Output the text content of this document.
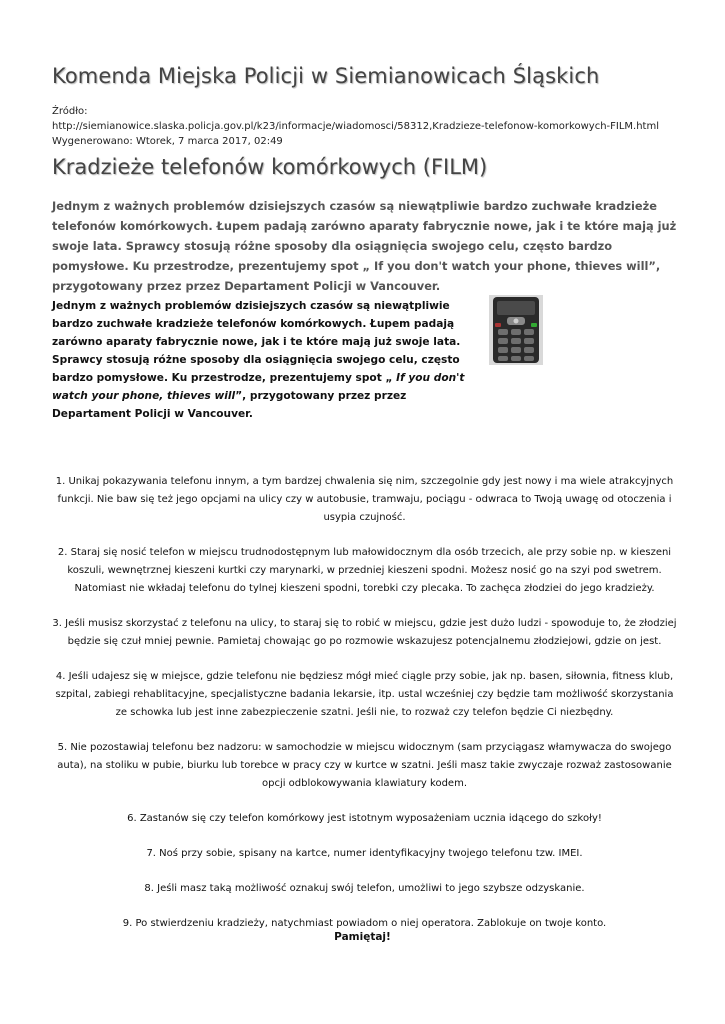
Komenda Miejska Policji w Siemianowicach Śląskich
Źródło:
http://siemianowice.slaska.policja.gov.pl/k23/informacje/wiadomosci/58312,Kradzieze-telefonow-komorkowych-FILM.html
Wygenerowano: Wtorek, 7 marca 2017, 02:49
Kradzieże telefonów komórkowych (FILM)

Jednym z ważnych problemów dzisiejszych czasów są niewątpliwie bardzo zuchwałe kradzieże telefonów komórkowych. Łupem padają zarówno aparaty fabrycznie nowe, jak i te które mają już swoje lata. Sprawcy stosują różne sposoby dla osiągnięcia swojego celu, często bardzo pomysłowe. Ku przestrodze, prezentujemy spot „ If you don't watch your phone, thieves will”, przygotowany przez przez Departament Policji w Vancouver.

Jednym z ważnych problemów dzisiejszych czasów są niewątpliwie bardzo zuchwałe kradzieże telefonów komórkowych. Łupem padają zarówno aparaty fabrycznie nowe, jak i te które mają już swoje lata. Sprawcy stosują różne sposoby dla osiągnięcia swojego celu, często bardzo pomysłowe. Ku przestrodze, prezentujemy spot „ If you don't watch your phone, thieves will”, przygotowany przez przez Departament Policji w Vancouver.

1. Unikaj pokazywania telefonu innym, a tym bardzej chwalenia się nim, szczegolnie gdy jest nowy i ma wiele atrakcyjnych funkcji. Nie baw się też jego opcjami na ulicy czy w autobusie, tramwaju, pociągu - odwraca to Twoją uwagę od otoczenia i usypia czujność.

2. Staraj się nosić telefon w miejscu trudnodostępnym lub małowidocznym dla osób trzecich, ale przy sobie np. w kieszeni koszuli, wewnętrznej kieszeni kurtki czy marynarki, w przedniej kieszeni spodni. Możesz nosić go na szyi pod swetrem. Natomiast nie wkładaj telefonu do tylnej kieszeni spodni, torebki czy plecaka. To zachęca złodziei do jego kradzieży.

3. Jeśli musisz skorzystać z telefonu na ulicy, to staraj się to robić w miejscu, gdzie jest dużo ludzi - spowoduje to, że złodziej będzie się czuł mniej pewnie. Pamietaj chowając go po rozmowie wskazujesz potencjalnemu złodziejowi, gdzie on jest.

4. Jeśli udajesz się w miejsce, gdzie telefonu nie będziesz mógł mieć ciągle przy sobie, jak np. basen, siłownia, fitness klub, szpital, zabiegi rehablitacyjne, specjalistyczne badania lekarsie, itp. ustal wcześniej czy będzie tam możliwość skorzystania ze schowka lub jest inne zabezpieczenie szatni. Jeśli nie, to rozważ czy telefon będzie Ci niezbędny.

5. Nie pozostawiaj telefonu bez nadzoru: w samochodzie w miejscu widocznym (sam przyciągasz włamywacza do swojego auta), na stoliku w pubie, biurku lub torebce w pracy czy w kurtce w szatni. Jeśli masz takie zwyczaje rozważ zastosowanie opcji odblokowywania klawiatury kodem.

6. Zastanów się czy telefon komórkowy jest istotnym wyposażeniam ucznia idącego do szkoły!

7. Noś przy sobie, spisany na kartce, numer identyfikacyjny twojego telefonu tzw. IMEI.

8. Jeśli masz taką możliwość oznakuj swój telefon, umożliwi to jego szybsze odzyskanie.

9. Po stwierdzeniu kradzieży, natychmiast powiadom o niej operatora. Zablokuje on twoje konto.

Pamiętaj!
